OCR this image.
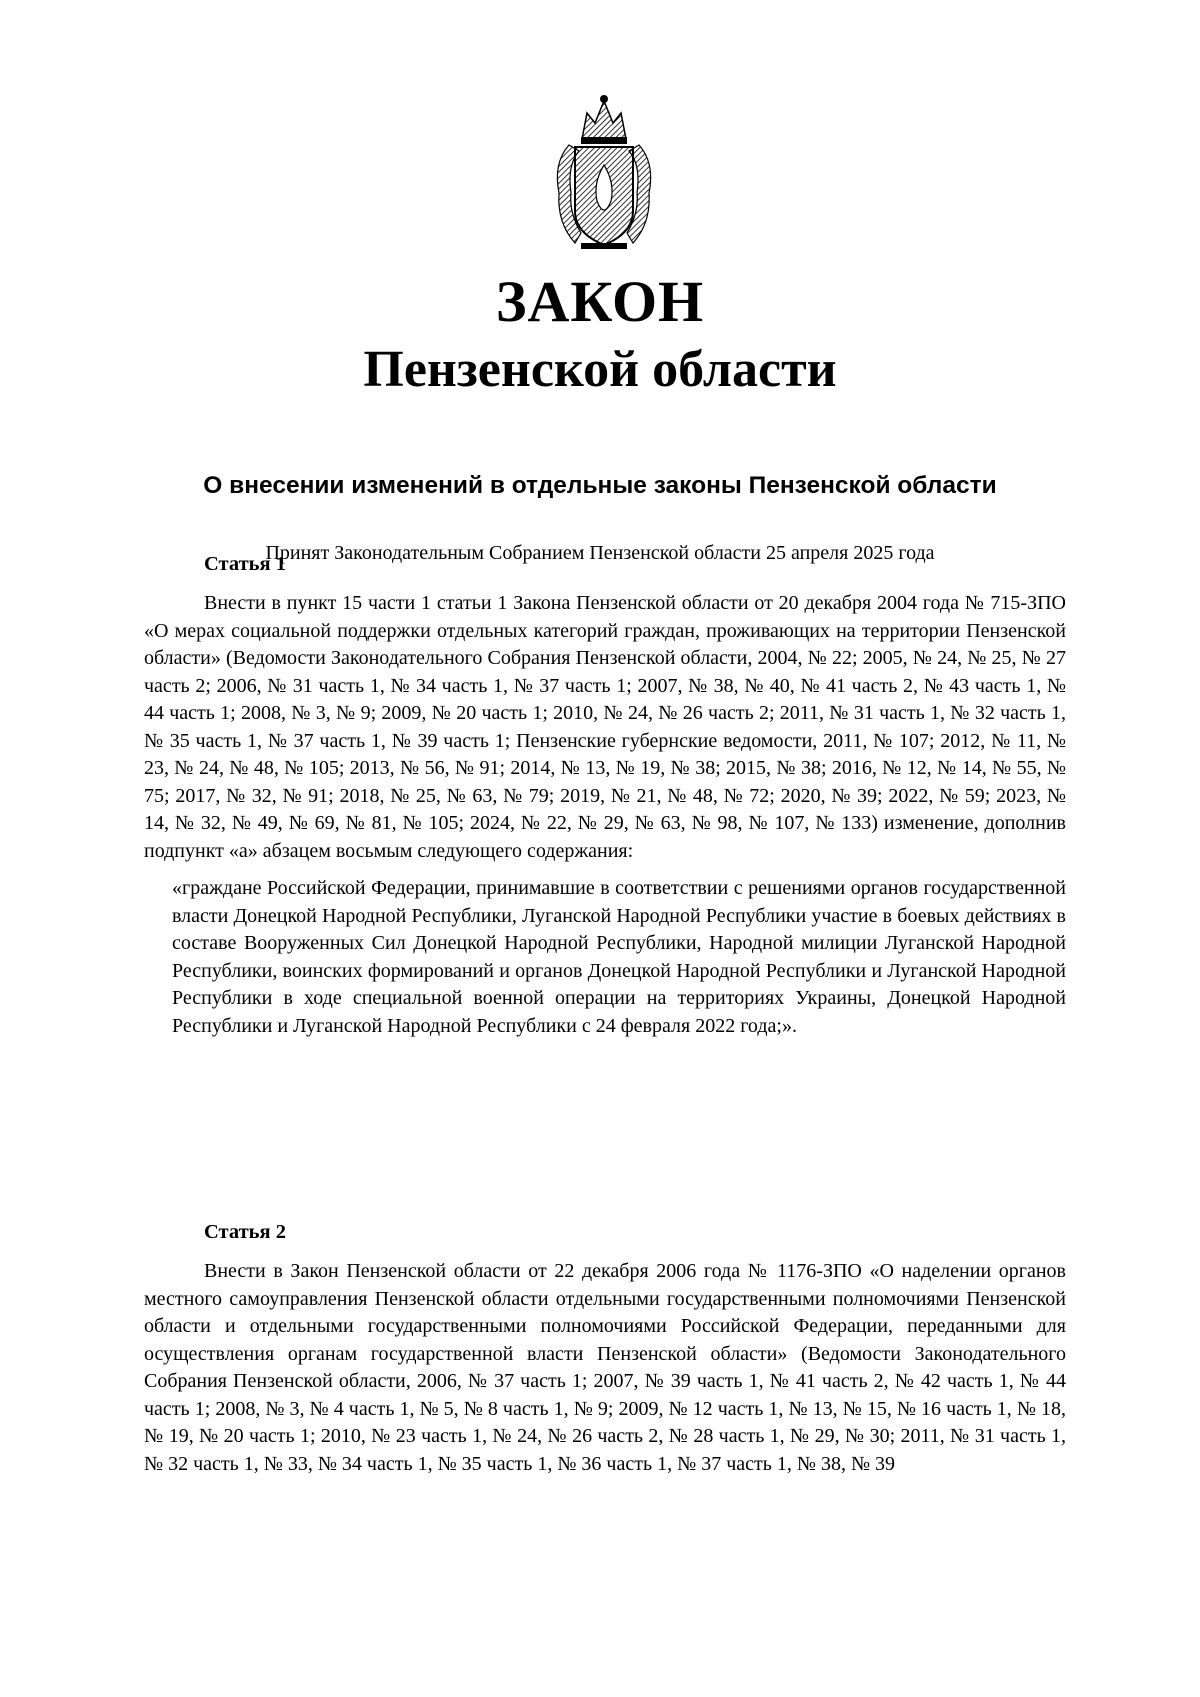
ЗАКОН
Пензенской области
О внесении изменений в отдельные законы Пензенской области
Принят Законодательным Собранием Пензенской области 25 апреля 2025 года
Статья 1

Внести в пункт 15 части 1 статьи 1 Закона Пензенской области от 20 декабря 2004 года № 715-ЗПО «О мерах социальной поддержки отдельных категорий граждан, проживающих на территории Пензенской области» (Ведомости Законодательного Собрания Пензенской области, 2004, № 22; 2005, № 24, № 25, № 27 часть 2; 2006, № 31 часть 1, № 34 часть 1, № 37 часть 1; 2007, № 38, № 40, № 41 часть 2, № 43 часть 1, № 44 часть 1; 2008, № 3, № 9; 2009, № 20 часть 1; 2010, № 24, № 26 часть 2; 2011, № 31 часть 1, № 32 часть 1, № 35 часть 1, № 37 часть 1, № 39 часть 1; Пензенские губернские ведомости, 2011, № 107; 2012, № 11, № 23, № 24, № 48, № 105; 2013, № 56, № 91; 2014, № 13, № 19, № 38; 2015, № 38; 2016, № 12, № 14, № 55, № 75; 2017, № 32, № 91; 2018, № 25, № 63, № 79; 2019, № 21, № 48, № 72; 2020, № 39; 2022, № 59; 2023, № 14, № 32, № 49, № 69, № 81, № 105; 2024, № 22, № 29, № 63, № 98, № 107, № 133) изменение, дополнив подпункт «а» абзацем восьмым следующего содержания:

«граждане Российской Федерации, принимавшие в соответствии с решениями органов государственной власти Донецкой Народной Республики, Луганской Народной Республики участие в боевых действиях в составе Вооруженных Сил Донецкой Народной Республики, Народной милиции Луганской Народной Республики, воинских формирований и органов Донецкой Народной Республики и Луганской Народной Республики в ходе специальной военной операции на территориях Украины, Донецкой Народной Республики и Луганской Народной Республики с 24 февраля 2022 года;».

Статья 2

Внести в Закон Пензенской области от 22 декабря 2006 года № 1176-ЗПО «О наделении органов местного самоуправления Пензенской области отдельными государственными полномочиями Пензенской области и отдельными государственными полномочиями Российской Федерации, переданными для осуществления органам государственной власти Пензенской области» (Ведомости Законодательного Собрания Пензенской области, 2006, № 37 часть 1; 2007, № 39 часть 1, № 41 часть 2, № 42 часть 1, № 44 часть 1; 2008, № 3, № 4 часть 1, № 5, № 8 часть 1, № 9; 2009, № 12 часть 1, № 13, № 15, № 16 часть 1, № 18, № 19, № 20 часть 1; 2010, № 23 часть 1, № 24, № 26 часть 2, № 28 часть 1, № 29, № 30; 2011, № 31 часть 1, № 32 часть 1, № 33, № 34 часть 1, № 35 часть 1, № 36 часть 1, № 37 часть 1, № 38, № 39
